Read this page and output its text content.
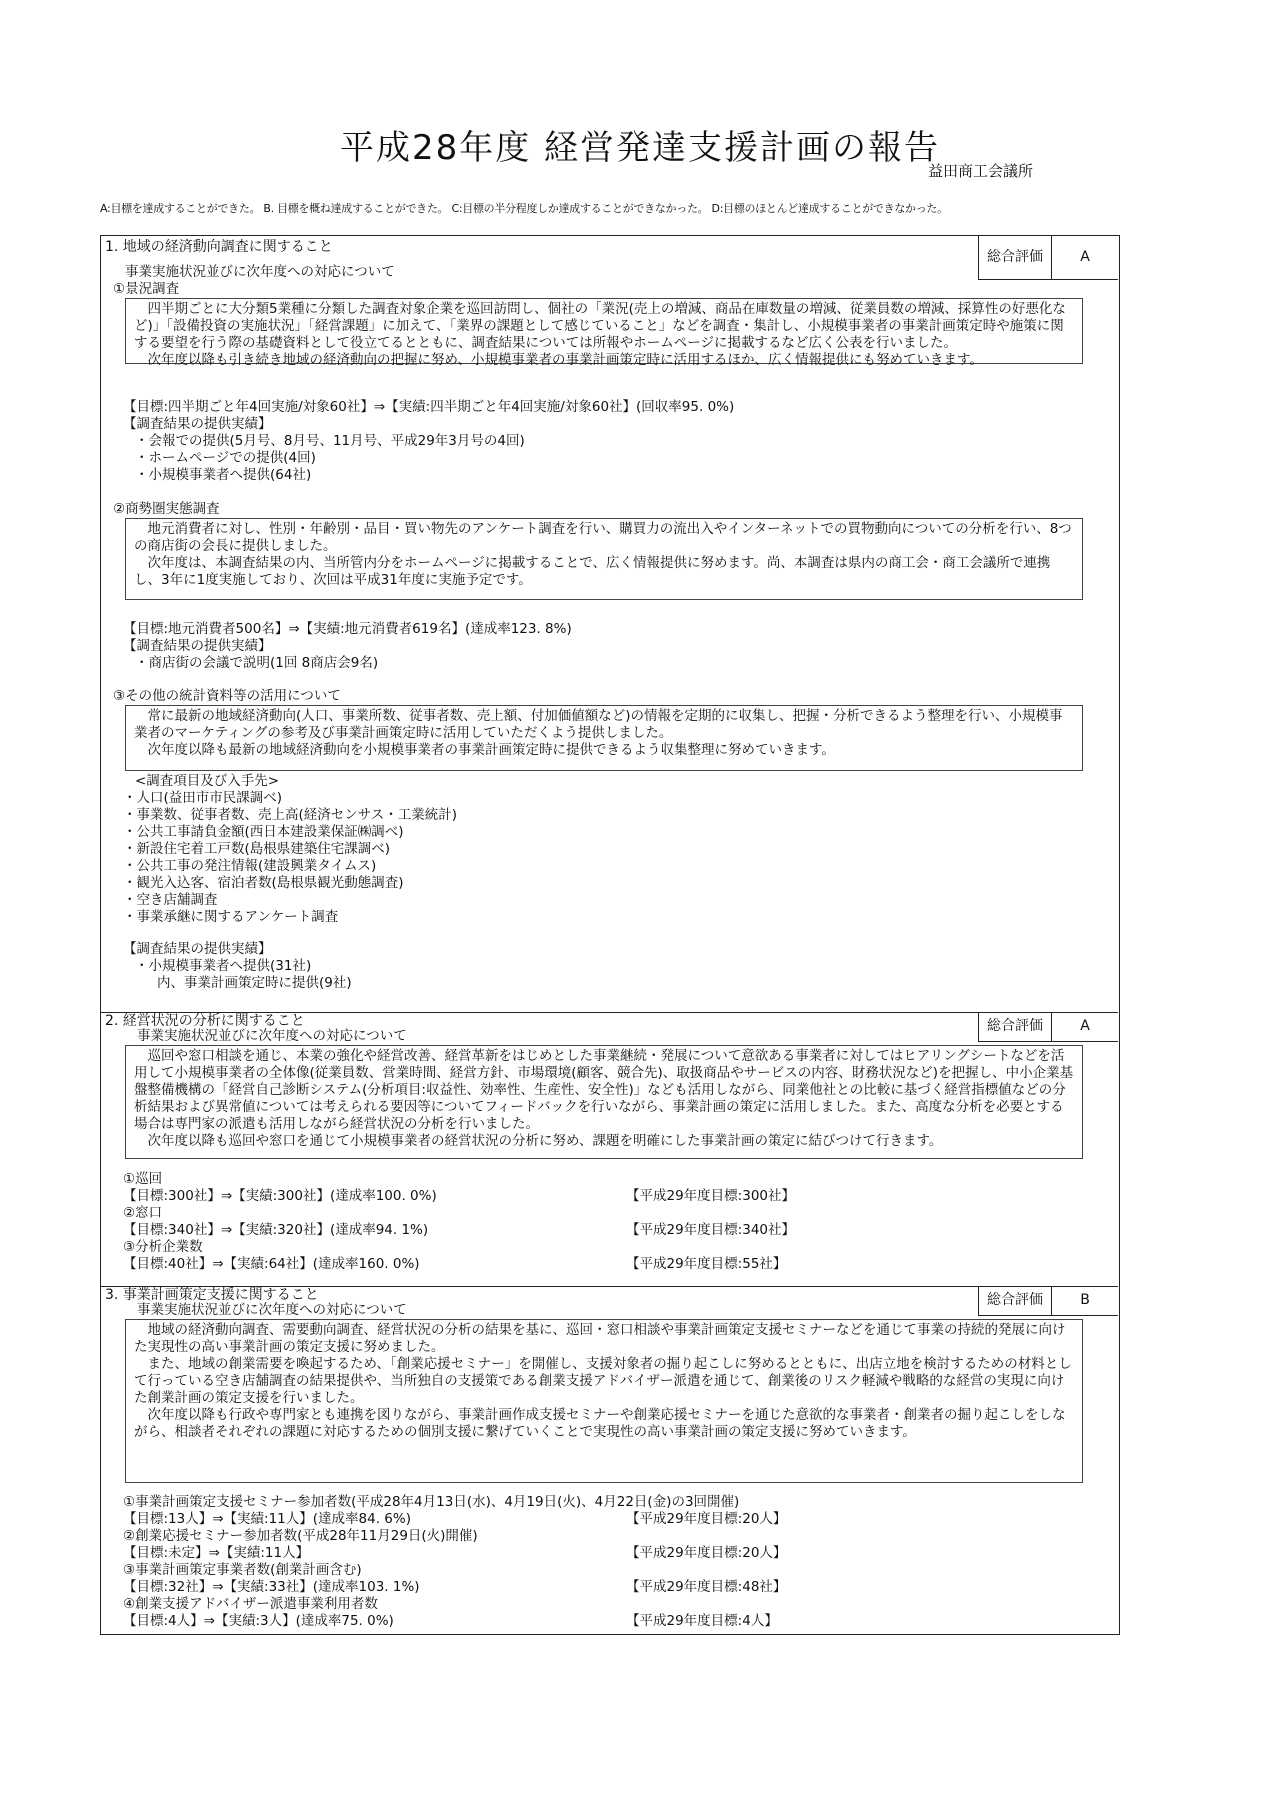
平成28年度 経営発達支援計画の報告
益田商工会議所
A:目標を達成することができた。 B. 目標を概ね達成することができた。 C:目標の半分程度しか達成することができなかった。 D:目標のほとんど達成することができなかった。
1. 地域の経済動向調査に関すること
総合評価	A
事業実施状況並びに次年度への対応について
①景況調査

四半期ごとに大分類5業種に分類した調査対象企業を巡回訪問し、個社の「業況(売上の増減、商品在庫数量の増減、従業員数の増減、採算性の好悪化など)」「設備投資の実施状況」「経営課題」に加えて、「業界の課題として感じていること」などを調査・集計し、小規模事業者の事業計画策定時や施策に関する要望を行う際の基礎資料として役立てるとともに、調査結果については所報やホームページに掲載するなど広く公表を行いました。

次年度以降も引き続き地域の経済動向の把握に努め、小規模事業者の事業計画策定時に活用するほか、広く情報提供にも努めていきます。

【目標:四半期ごと年4回実施/対象60社】⇒【実績:四半期ごと年4回実施/対象60社】(回収率95. 0%)
【調査結果の提供実績】
・会報での提供(5月号、8月号、11月号、平成29年3月号の4回)
・ホームページでの提供(4回)
・小規模事業者へ提供(64社)
②商勢圏実態調査

地元消費者に対し、性別・年齢別・品目・買い物先のアンケート調査を行い、購買力の流出入やインターネットでの買物動向についての分析を行い、8つの商店街の会長に提供しました。

次年度は、本調査結果の内、当所管内分をホームページに掲載することで、広く情報提供に努めます。尚、本調査は県内の商工会・商工会議所で連携し、3年に1度実施しており、次回は平成31年度に実施予定です。

【目標:地元消費者500名】⇒【実績:地元消費者619名】(達成率123. 8%)
【調査結果の提供実績】
・商店街の会議で説明(1回 8商店会9名)
③その他の統計資料等の活用について

常に最新の地域経済動向(人口、事業所数、従事者数、売上額、付加価値額など)の情報を定期的に収集し、把握・分析できるよう整理を行い、小規模事業者のマーケティングの参考及び事業計画策定時に活用していただくよう提供しました。

次年度以降も最新の地域経済動向を小規模事業者の事業計画策定時に提供できるよう収集整理に努めていきます。

<調査項目及び入手先>
・人口(益田市市民課調べ)
・事業数、従事者数、売上高(経済センサス・工業統計)
・公共工事請負金額(西日本建設業保証㈱調べ)
・新設住宅着工戸数(島根県建築住宅課調べ)
・公共工事の発注情報(建設興業タイムス)
・観光入込客、宿泊者数(島根県観光動態調査)
・空き店舗調査
・事業承継に関するアンケート調査
【調査結果の提供実績】
・小規模事業者へ提供(31社)
内、事業計画策定時に提供(9社)
2. 経営状況の分析に関すること	総合評価	A
事業実施状況並びに次年度への対応について

巡回や窓口相談を通じ、本業の強化や経営改善、経営革新をはじめとした事業継続・発展について意欲ある事業者に対してはヒアリングシートなどを活用して小規模事業者の全体像(従業員数、営業時間、経営方針、市場環境(顧客、競合先)、取扱商品やサービスの内容、財務状況など)を把握し、中小企業基盤整備機構の「経営自己診断システム(分析項目:収益性、効率性、生産性、安全性)」なども活用しながら、同業他社との比較に基づく経営指標値などの分析結果および異常値については考えられる要因等についてフィードバックを行いながら、事業計画の策定に活用しました。また、高度な分析を必要とする場合は専門家の派遣も活用しながら経営状況の分析を行いました。

次年度以降も巡回や窓口を通じて小規模事業者の経営状況の分析に努め、課題を明確にした事業計画の策定に結びつけて行きます。

①巡回
【目標:300社】⇒【実績:300社】(達成率100. 0%)	【平成29年度目標:300社】
②窓口
【目標:340社】⇒【実績:320社】(達成率94. 1%)	【平成29年度目標:340社】
③分析企業数
【目標:40社】⇒【実績:64社】(達成率160. 0%)	【平成29年度目標:55社】
3. 事業計画策定支援に関すること	総合評価	B
事業実施状況並びに次年度への対応について

地域の経済動向調査、需要動向調査、経営状況の分析の結果を基に、巡回・窓口相談や事業計画策定支援セミナーなどを通じて事業の持続的発展に向けた実現性の高い事業計画の策定支援に努めました。

また、地域の創業需要を喚起するため、「創業応援セミナー」を開催し、支援対象者の掘り起こしに努めるとともに、出店立地を検討するための材料として行っている空き店舗調査の結果提供や、当所独自の支援策である創業支援アドバイザー派遣を通じて、創業後のリスク軽減や戦略的な経営の実現に向けた創業計画の策定支援を行いました。

次年度以降も行政や専門家とも連携を図りながら、事業計画作成支援セミナーや創業応援セミナーを通じた意欲的な事業者・創業者の掘り起こしをしながら、相談者それぞれの課題に対応するための個別支援に繋げていくことで実現性の高い事業計画の策定支援に努めていきます。

①事業計画策定支援セミナー参加者数(平成28年4月13日(水)、4月19日(火)、4月22日(金)の3回開催)
【目標:13人】⇒【実績:11人】(達成率84. 6%)	【平成29年度目標:20人】
②創業応援セミナー参加者数(平成28年11月29日(火)開催)
【目標:未定】⇒【実績:11人】	【平成29年度目標:20人】
③事業計画策定事業者数(創業計画含む)
【目標:32社】⇒【実績:33社】(達成率103. 1%)	【平成29年度目標:48社】
④創業支援アドバイザー派遣事業利用者数
【目標:4人】⇒【実績:3人】(達成率75. 0%)	【平成29年度目標:4人】
